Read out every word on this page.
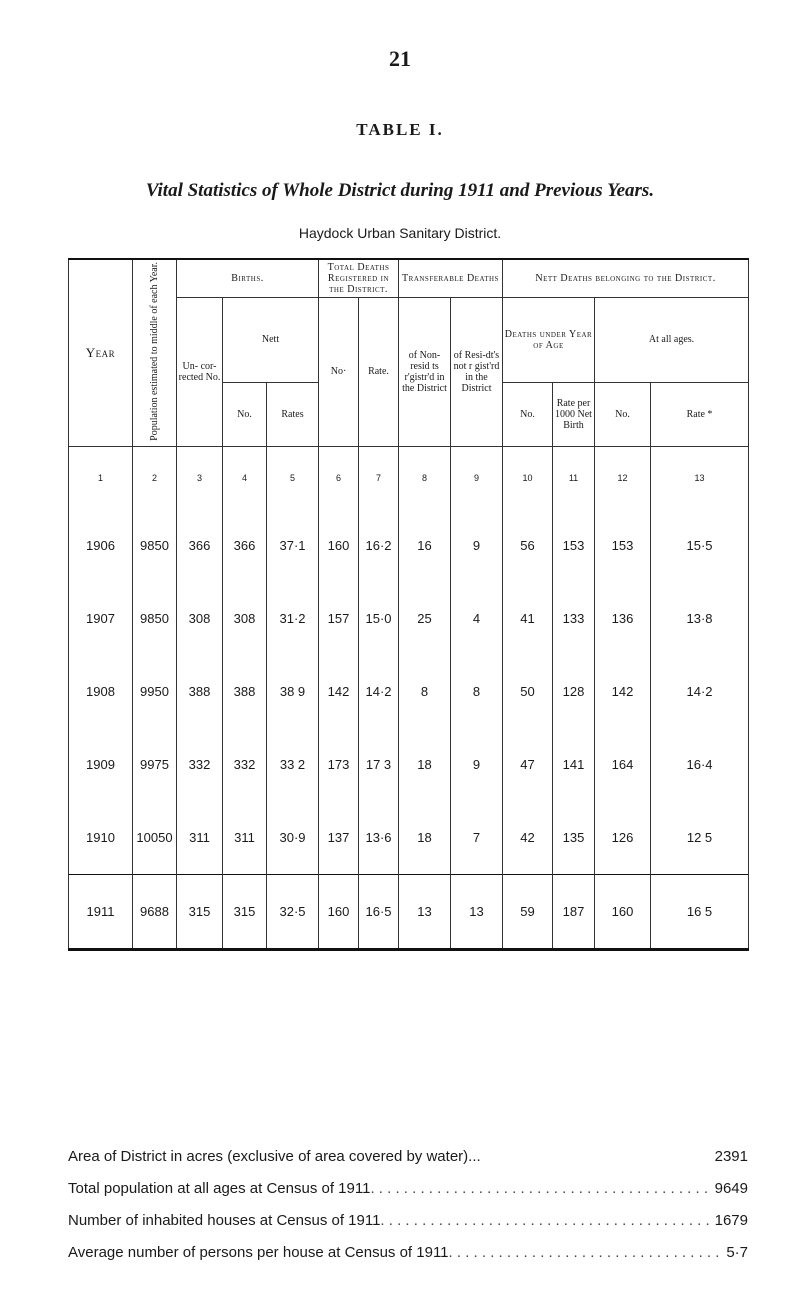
21
TABLE I.
Vital Statistics of Whole District during 1911 and Previous Years.
Haydock Urban Sanitary District.
Year	Population estimated to middle of each Year.	Births.			Total Deaths Registered in the District.		Transferable Deaths		Nett Deaths belonging to the District.			
		Un- cor- rected No.	Nett		No·	Rate.	of Non-resid ts r'gistr'd in the District	of Resi-dt's not r gist'rd in the District	Deaths under Year of Age		At all ages.	
			No.	Rates					No.	Rate per 1000 Net Birth	No.	Rate *
1	2	3	4	5	6	7	8	9	10	11	12	13
1906	9850	366	366	37·1	160	16·2	16	9	56	153	153	15·5
1907	9850	308	308	31·2	157	15·0	25	4	41	133	136	13·8
1908	9950	388	388	38 9	142	14·2	8	8	50	128	142	14·2
1909	9975	332	332	33 2	173	17 3	18	9	47	141	164	16·4
1910	10050	311	311	30·9	137	13·6	18	7	42	135	126	12 5
1911	9688	315	315	32·5	160	16·5	13	13	59	187	160	16 5
Area of District in acres (exclusive of area covered by water)...	2391
Total population at all ages at Census of 1911 . . .	9649
Number of inhabited houses at Census of 1911 . . .	1679
Average number of persons per house at Census of 1911 . . .	5·7
